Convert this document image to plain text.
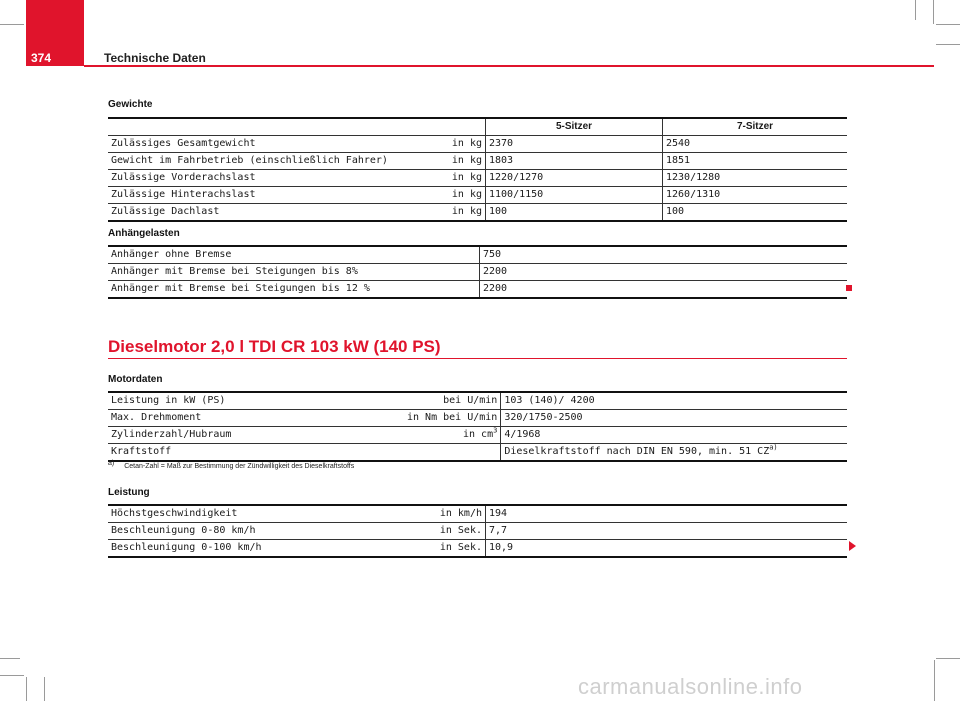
374	Technische Daten
Gewichte
		5-Sitzer	7-Sitzer
Zulässiges Gesamtgewicht	in kg	2370	2540
Gewicht im Fahrbetrieb (einschließlich Fahrer)	in kg	1803	1851
Zulässige Vorderachslast	in kg	1220/1270	1230/1280
Zulässige Hinterachslast	in kg	1100/1150	1260/1310
Zulässige Dachlast	in kg	100	100
Anhängelasten
Anhänger ohne Bremse	750
Anhänger mit Bremse bei Steigungen bis 8%	2200
Anhänger mit Bremse bei Steigungen bis 12 %	2200
Dieselmotor 2,0 l TDI CR 103 kW (140 PS)
Motordaten
Leistung in kW (PS)	bei U/min	103 (140)/ 4200
Max. Drehmoment	in Nm bei U/min	320/1750-2500
Zylinderzahl/Hubraum	in $cm^3$	4/1968
Kraftstoff		Dieselkraftstoff nach DIN EN 590, min. 51 CZ$^{a)}$
a) Cetan-Zahl = Maß zur Bestimmung der Zündwilligkeit des Dieselkraftstoffs
Leistung
Höchstgeschwindigkeit	in km/h	194
Beschleunigung 0-80 km/h	in Sek.	7,7
Beschleunigung 0-100 km/h	in Sek.	10,9
carmanualsonline.info
